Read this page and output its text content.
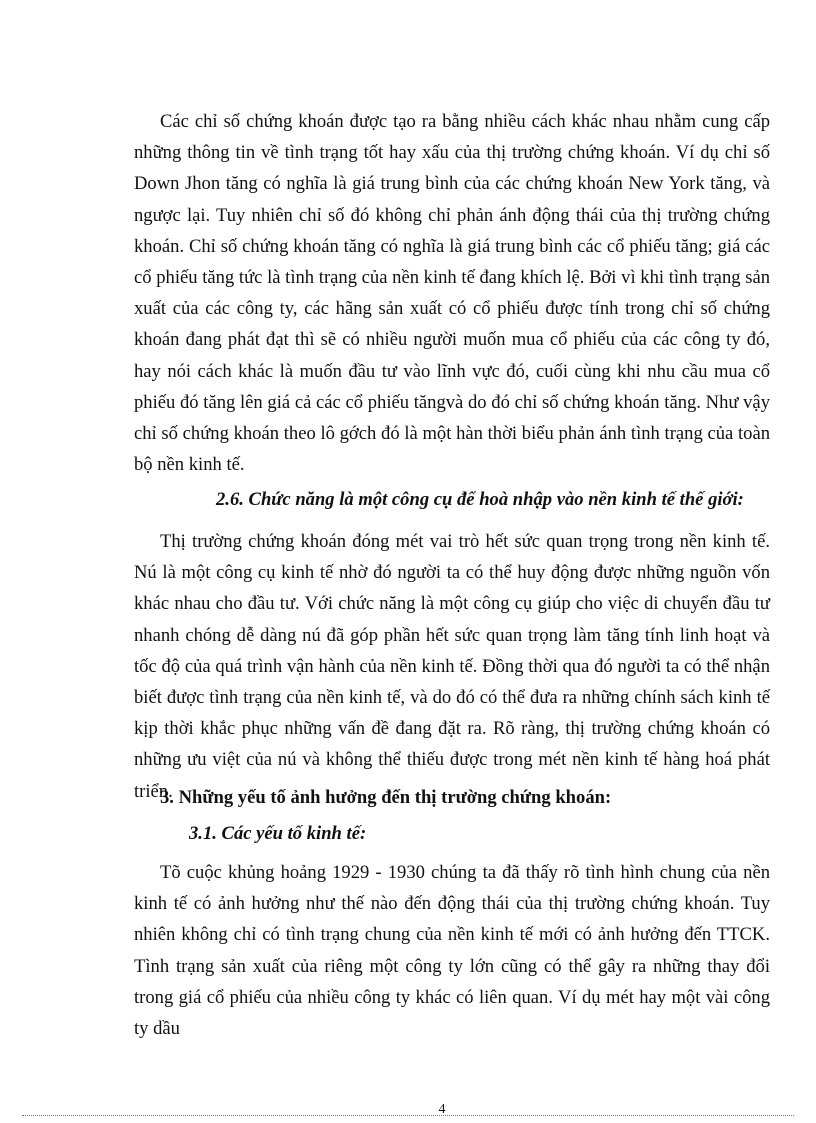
Các chỉ số chứng khoán được tạo ra bằng nhiều cách khác nhau nhằm cung cấp những thông tin về tình trạng tốt hay xấu của thị trường chứng khoán. Ví dụ chỉ số Down Jhon tăng có nghĩa là giá trung bình của các chứng khoán New York tăng, và ngược lại. Tuy nhiên chỉ số đó không chỉ phản ánh động thái của thị trường chứng khoán. Chỉ số chứng khoán tăng có nghĩa là giá trung bình các cổ phiếu tăng; giá các cổ phiếu tăng tức là tình trạng của nền kinh tế đang khích lệ. Bởi vì khi tình trạng sản xuất của các công ty, các hãng sản xuất có cổ phiếu được tính trong chỉ số chứng khoán đang phát đạt thì sẽ có nhiều người muốn mua cổ phiếu của các công ty đó, hay nói cách khác là muốn đầu tư vào lĩnh vực đó, cuối cùng khi nhu cầu mua cổ phiếu đó tăng lên giá cả các cổ phiếu tăngvà do đó chỉ số chứng khoán tăng. Như vậy chỉ số chứng khoán theo lô gớch đó là một hàn thời biểu phản ánh tình trạng của toàn bộ nền kinh tế.

2.6. Chức năng là một công cụ để hoà nhập vào nền kinh tế thế giới:

Thị trường chứng khoán đóng mét vai trò hết sức quan trọng trong nền kinh tế. Nú là một công cụ kinh tế nhờ đó người ta có thể huy động được những nguồn vốn khác nhau cho đầu tư. Với chức năng là một công cụ giúp cho việc di chuyển đầu tư nhanh chóng dễ dàng nú đã góp phần hết sức quan trọng làm tăng tính linh hoạt và tốc độ của quá trình vận hành của nền kinh tế. Đồng thời qua đó người ta có thể nhận biết được tình trạng của nền kinh tế, và do đó có thể đưa ra những chính sách kinh tế kịp thời khắc phục những vấn đề đang đặt ra. Rõ ràng, thị trường chứng khoán có những ưu việt của nú và không thể thiếu được trong mét nền kinh tế hàng hoá phát triển.

3. Những yếu tố ảnh hưởng đến thị trường chứng khoán:

3.1. Các yếu tố kinh tế:

Tõ cuộc khủng hoảng 1929 - 1930 chúng ta đã thấy rõ tình hình chung của nền kinh tế có ảnh hưởng như thế nào đến động thái của thị trường chứng khoán. Tuy nhiên không chỉ có tình trạng chung của nền kinh tế mới có ảnh hưởng đến TTCK. Tình trạng sản xuất của riêng một công ty lớn cũng có thể gây ra những thay đổi trong giá cổ phiếu của nhiều công ty khác có liên quan. Ví dụ mét hay một vài công ty dầu

4
